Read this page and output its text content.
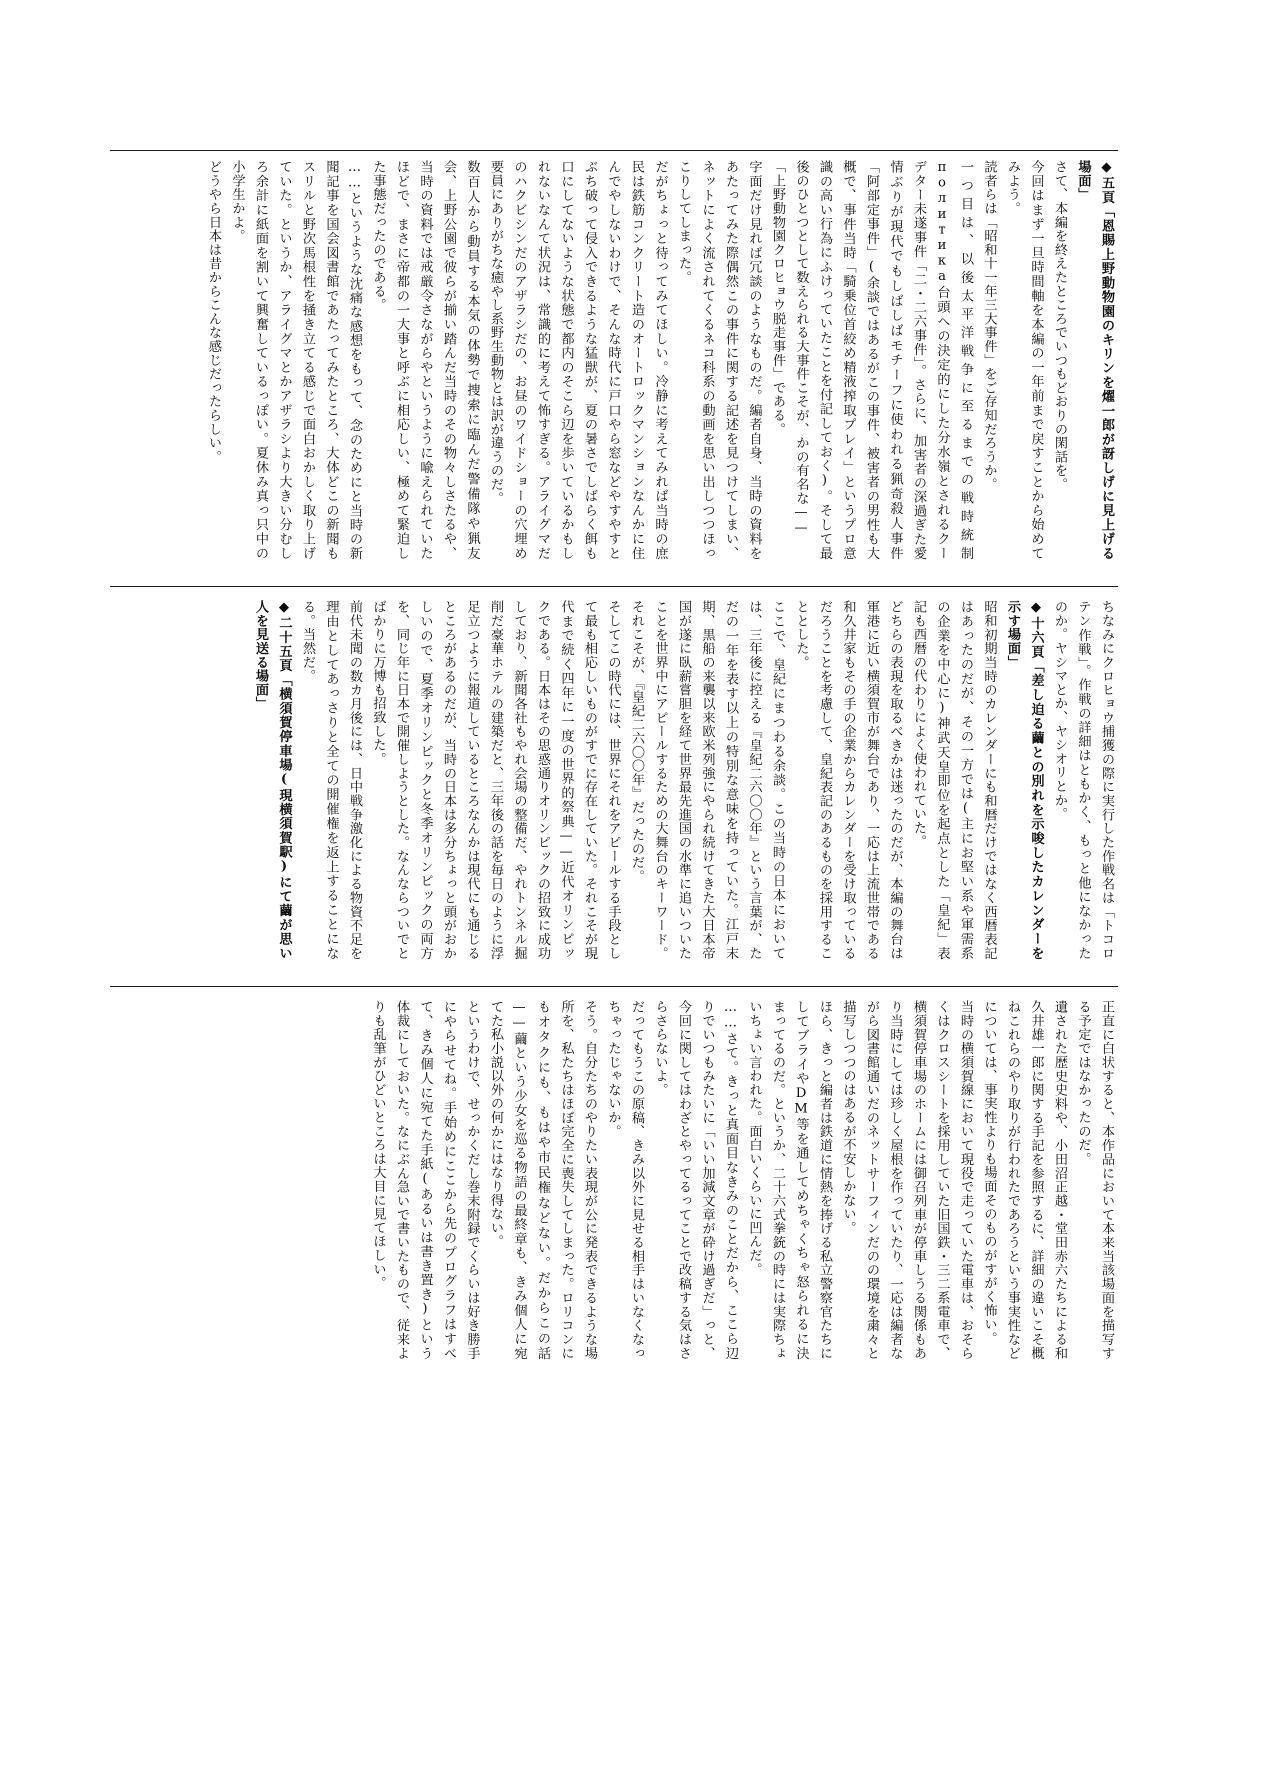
◆五頁「恩賜上野動物園のキリンを燿一郎が訝しげに見上げる場面」

さて、本編を終えたところでいつもどおりの閑話を。

今回はまず一旦時間軸を本編の一年前まで戻すことから始めてみよう。

読者らは「昭和十一年三大事件」をご存知だろうか。

一つ目は、以後太平洋戦争に至るまでの戦時統制политика台頭への決定的にした分水嶺とされるクーデター未遂事件「二・二六事件」。さらに、加害者の深過ぎた愛情ぶりが現代でもしばしばモチーフに使われる猟奇殺人事件「阿部定事件」(余談ではあるがこの事件、被害者の男性も大概で、事件当時「騎乗位首絞め精液搾取プレイ」というプロ意識の高い行為にふけっていたことを付記しておく)。そして最後のひとつとして数えられる大事件こそが、かの有名な——

「上野動物園クロヒョウ脱走事件」である。

字面だけ見れば冗談のようなものだ。編者自身、当時の資料をあたってみた際偶然この事件に関する記述を見つけてしまい、ネットによく流されてくるネコ科系の動画を思い出しつつほっこりしてしまった。

だがちょっと待ってみてほしい。冷静に考えてみれば当時の庶民は鉄筋コンクリート造のオートロックマンションなんかに住んでやしないわけで、そんな時代に戸口やら窓などやすやすとぶち破って侵入できるような猛獣が、夏の暑さでしばらく餌も口にしてないような状態で都内のそこら辺を歩いているかもしれないなんて状況は、常識的に考えて怖すぎる。アライグマだのハクビシンだのアザラシだの、お昼のワイドショーの穴埋め要員にありがちな癒やし系野生動物とは訳が違うのだ。

数百人から動員する本気の体勢で捜索に臨んだ警備隊や猟友会、上野公園で彼らが揃い踏んだ当時のその物々しさたるや、当時の資料では戒厳令さながらやというように喩えられていたほどで、まさに帝都の一大事と呼ぶに相応しい、極めて緊迫した事態だったのである。

……というような沈痛な感想をもって、念のためにと当時の新聞記事を国会図書館であたってみたところ、大体どこの新聞もスリルと野次馬根性を掻き立てる感じで面白おかしく取り上げていた。というか、アライグマとかアザラシより大きい分むしろ余計に紙面を割いて興奮しているっぽい。夏休み真っ只中の小学生かよ。

どうやら日本は昔からこんな感じだったらしい。

ちなみにクロヒョウ捕獲の際に実行した作戦名は「トコロテン作戦」。作戦の詳細はともかく、もっと他になかったのか。ヤシマとか、ヤシオリとか。

◆十六頁「差し迫る繭との別れを示唆したカレンダーを示す場面」

昭和初期当時のカレンダーにも和暦だけではなく西暦表記はあったのだが、その一方では(主にお堅い系や軍需系の企業を中心に)神武天皇即位を起点とした「皇紀」表記も西暦の代わりによく使われていた。

どちらの表現を取るべきかは迷ったのだが、本編の舞台は軍港に近い横須賀市が舞台であり、一応は上流世帯である和久井家もその手の企業からカレンダーを受け取っているだろうことを考慮して、皇紀表記のあるものを採用することとした。

ここで、皇紀にまつわる余談。この当時の日本においては、三年後に控える『皇紀二六〇〇年』という言葉が、ただの一年を表す以上の特別な意味を持っていた。江戸末期、黒船の来襲以来欧米列強にやられ続けてきた大日本帝国が遂に臥薪嘗胆を経て世界最先進国の水準に追いついたことを世界中にアピールするための大舞台のキーワード。それこそが、『皇紀二六〇〇年』だったのだ。

そしてこの時代には、世界にそれをアピールする手段として最も相応しいものがすでに存在していた。それこそが現代まで続く四年に一度の世界的祭典——近代オリンピックである。日本はその思惑通りオリンピックの招致に成功しており、新聞各社もやれ会場の整備だ、やれトンネル掘削だ豪華ホテルの建築だと、三年後の話を毎日のように浮足立つように報道しているところなんかは現代にも通じるところがあるのだが、当時の日本は多分ちょっと頭がおかしいので、夏季オリンピックと冬季オリンピックの両方を、同じ年に日本で開催しようとした。なんならついでとばかりに万博も招致した。

前代未聞の数カ月後には、日中戦争激化による物資不足を理由としてあっさりと全ての開催権を返上することになる。当然だ。

◆二十五頁「横須賀停車場(現横須賀駅)にて繭が思い人を見送る場面」

正直に白状すると、本作品において本来当該場面を描写する予定ではなかったのだ。

遺された歴史史料や、小田沼正越・堂田赤六たちによる和久井雄一郎に関する手記を参照するに、詳細の違いこそ概ねこれらのやり取りが行われたであろうという事実性などについては、事実性よりも場面そのものがすがく怖い。

当時の横須賀線において現役で走っていた電車は、おそらくはクロスシートを採用していた旧国鉄・三二系電車で、横須賀停車場のホームには御召列車が停車しうる関係もあり当時にしては珍しく屋根を作っていたり、一応は編者ながら図書館通いだのネットサーフィンだのの環境を粛々と描写しつつのはあるが不安しかない。

ほら、きっと編者は鉄道に情熱を捧げる私立警察官たちにしてブライやDM等を通してめちゃくちゃ怒られるに決まってるのだ。というか、二十六式拳銃の時には実際ちょいちょい言われた。面白いくらいに凹んだ。

……さて。きっと真面目なきみのことだから、ここら辺りでいつもみたいに「いい加減文章が砕け過ぎだ」っと、今回に関してはわざとやってるってことで改稿する気はさらさらないよ。

だってもうこの原稿、きみ以外に見せる相手はいなくなっちゃったじゃないか。

そう。自分たちのやりたい表現が公に発表できるような場所を、私たちはほぼ完全に喪失してしまった。ロリコンにもオタクにも、もはや市民権などない。だからこの話——繭という少女を巡る物語の最終章も、きみ個人に宛てた私小説以外の何かにはなり得ない。

というわけで、せっかくだし巻末附録でくらいは好き勝手にやらせてね。手始めにここから先のプログラフはすべて、きみ個人に宛てた手紙(あるいは書き置き)という体裁にしておいた。なにぶん急いで書いたもので、従来よりも乱筆がひどいところは大目に見てほしい。
